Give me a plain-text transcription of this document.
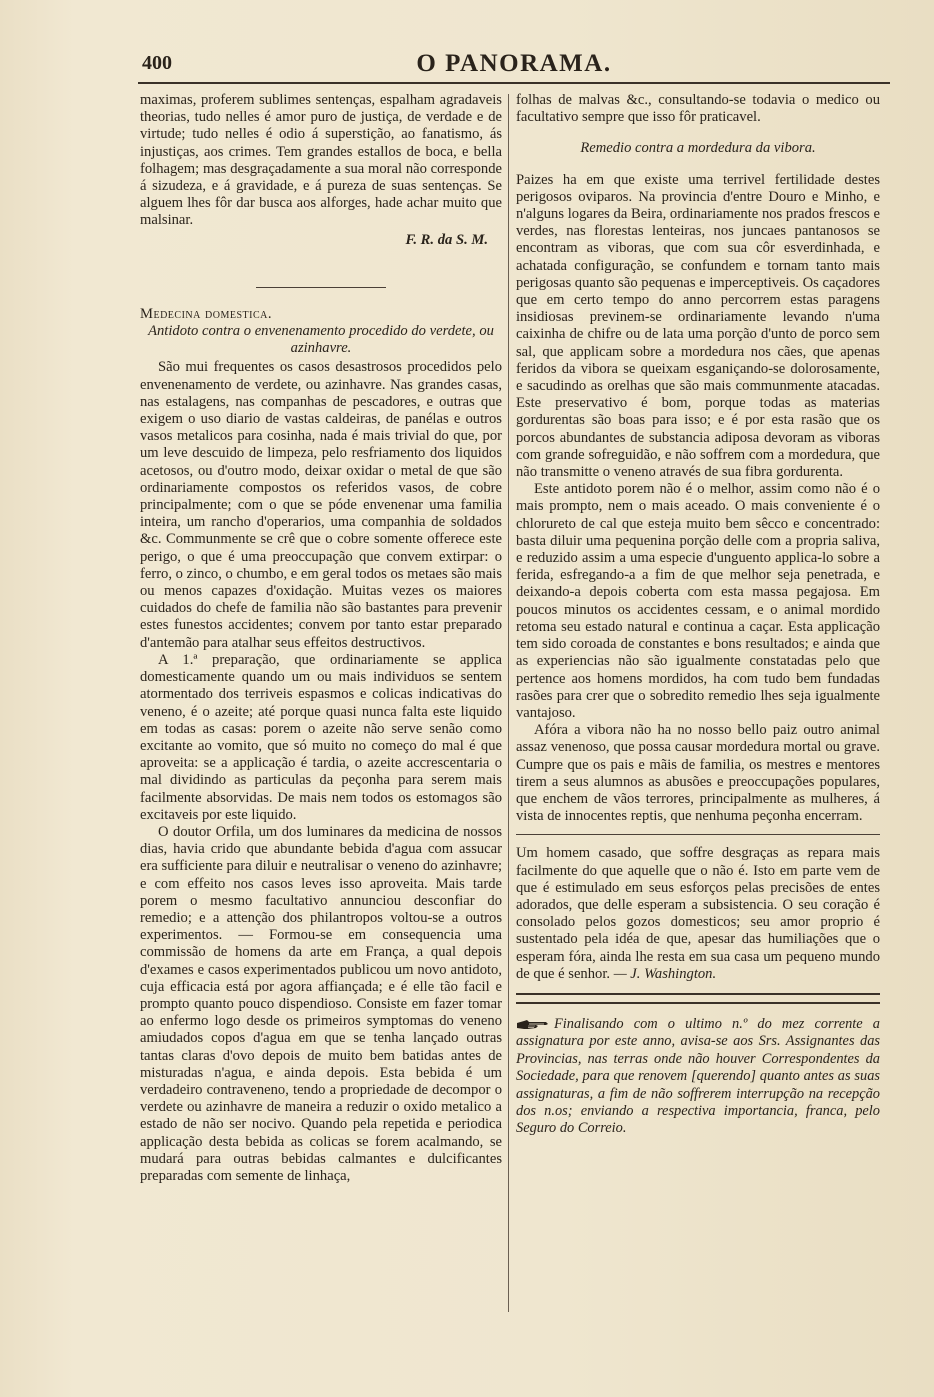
400	O PANORAMA.

maximas, proferem sublimes sentenças, espalham agradaveis theorias, tudo nelles é amor puro de justiça, de verdade e de virtude; tudo nelles é odio á superstição, ao fanatismo, ás injustiças, aos crimes. Tem grandes estallos de boca, e bella folhagem; mas desgraçadamente a sua moral não corresponde á sizudeza, e á gravidade, e á pureza de suas sentenças. Se alguem lhes fôr dar busca aos alforges, hade achar muito que malsinar.

F. R. da S. M.

Medecina domestica.

Antidoto contra o envenenamento procedido do verdete, ou azinhavre.

São mui frequentes os casos desastrosos procedidos pelo envenenamento de verdete, ou azinhavre. Nas grandes casas, nas estalagens, nas companhas de pescadores, e outras que exigem o uso diario de vastas caldeiras, de panélas e outros vasos metalicos para cosinha, nada é mais trivial do que, por um leve descuido de limpeza, pelo resfriamento dos liquidos acetosos, ou d'outro modo, deixar oxidar o metal de que são ordinariamente compostos os referidos vasos, de cobre principalmente; com o que se póde envenenar uma familia inteira, um rancho d'operarios, uma companhia de soldados &c. Communmente se crê que o cobre somente offerece este perigo, o que é uma preoccupação que convem extirpar: o ferro, o zinco, o chumbo, e em geral todos os metaes são mais ou menos capazes d'oxidação. Muitas vezes os maiores cuidados do chefe de familia não são bastantes para prevenir estes funestos accidentes; convem por tanto estar preparado d'antemão para atalhar seus effeitos destructivos.

A 1.ª preparação, que ordinariamente se applica domesticamente quando um ou mais individuos se sentem atormentado dos terriveis espasmos e colicas indicativas do veneno, é o azeite; até porque quasi nunca falta este liquido em todas as casas: porem o azeite não serve senão como excitante ao vomito, que só muito no começo do mal é que aproveita: se a applicação é tardia, o azeite accrescentaria o mal dividindo as particulas da peçonha para serem mais facilmente absorvidas. De mais nem todos os estomagos são excitaveis por este liquido.

O doutor Orfila, um dos luminares da medicina de nossos dias, havia crido que abundante bebida d'agua com assucar era sufficiente para diluir e neutralisar o veneno do azinhavre; e com effeito nos casos leves isso aproveita. Mais tarde porem o mesmo facultativo annunciou desconfiar do remedio; e a attenção dos philantropos voltou-se a outros experimentos. — Formou-se em consequencia uma commissão de homens da arte em França, a qual depois d'exames e casos experimentados publicou um novo antidoto, cuja efficacia está por agora affiançada; e é elle tão facil e prompto quanto pouco dispendioso. Consiste em fazer tomar ao enfermo logo desde os primeiros symptomas do veneno amiudados copos d'agua em que se tenha lançado outras tantas claras d'ovo depois de muito bem batidas antes de misturadas n'agua, e ainda depois. Esta bebida é um verdadeiro contraveneno, tendo a propriedade de decompor o verdete ou azinhavre de maneira a reduzir o oxido metalico a estado de não ser nocivo. Quando pela repetida e periodica applicação desta bebida as colicas se forem acalmando, se mudará para outras bebidas calmantes e dulcificantes preparadas com semente de linhaça,

folhas de malvas &c., consultando-se todavia o medico ou facultativo sempre que isso fôr praticavel.

Remedio contra a mordedura da vibora.

Paizes ha em que existe uma terrivel fertilidade destes perigosos oviparos. Na provincia d'entre Douro e Minho, e n'alguns logares da Beira, ordinariamente nos prados frescos e verdes, nas florestas lenteiras, nos juncaes pantanosos se encontram as viboras, que com sua côr esverdinhada, e achatada configuração, se confundem e tornam tanto mais perigosas quanto são pequenas e imperceptiveis. Os caçadores que em certo tempo do anno percorrem estas paragens insidiosas previnem-se ordinariamente levando n'uma caixinha de chifre ou de lata uma porção d'unto de porco sem sal, que applicam sobre a mordedura nos cães, que apenas feridos da vibora se queixam esganiçando-se dolorosamente, e sacudindo as orelhas que são mais communmente atacadas. Este preservativo é bom, porque todas as materias gordurentas são boas para isso; e é por esta rasão que os porcos abundantes de substancia adiposa devoram as viboras com grande sofreguidão, e não soffrem com a mordedura, que não transmitte o veneno através de sua fibra gordurenta.

Este antidoto porem não é o melhor, assim como não é o mais prompto, nem o mais aceado. O mais conveniente é o chlorureto de cal que esteja muito bem sêcco e concentrado: basta diluir uma pequenina porção delle com a propria saliva, e reduzido assim a uma especie d'unguento applica-lo sobre a ferida, esfregando-a a fim de que melhor seja penetrada, e deixando-a depois coberta com esta massa pegajosa. Em poucos minutos os accidentes cessam, e o animal mordido retoma seu estado natural e continua a caçar. Esta applicação tem sido coroada de constantes e bons resultados; e ainda que as experiencias não são igualmente constatadas pelo que pertence aos homens mordidos, ha com tudo bem fundadas rasões para crer que o sobredito remedio lhes seja igualmente vantajoso.

Afóra a vibora não ha no nosso bello paiz outro animal assaz venenoso, que possa causar mordedura mortal ou grave. Cumpre que os pais e mãis de familia, os mestres e mentores tirem a seus alumnos as abusões e preoccupações populares, que enchem de vãos terrores, principalmente as mulheres, á vista de innocentes reptis, que nenhuma peçonha encerram.

Um homem casado, que soffre desgraças as repara mais facilmente do que aquelle que o não é. Isto em parte vem de que é estimulado em seus esforços pelas precisões de entes adorados, que delle esperam a subsistencia. O seu coração é consolado pelos gozos domesticos; seu amor proprio é sustentado pela idéa de que, apesar das humiliações que o esperam fóra, ainda lhe resta em sua casa um pequeno mundo de que é senhor. — J. Washington.

Finalisando com o ultimo n.º do mez corrente a assignatura por este anno, avisa-se aos Srs. Assignantes das Provincias, nas terras onde não houver Correspondentes da Sociedade, para que renovem [querendo] quanto antes as suas assignaturas, a fim de não soffrerem interrupção na recepção dos n.os; enviando a respectiva importancia, franca, pelo Seguro do Correio.
